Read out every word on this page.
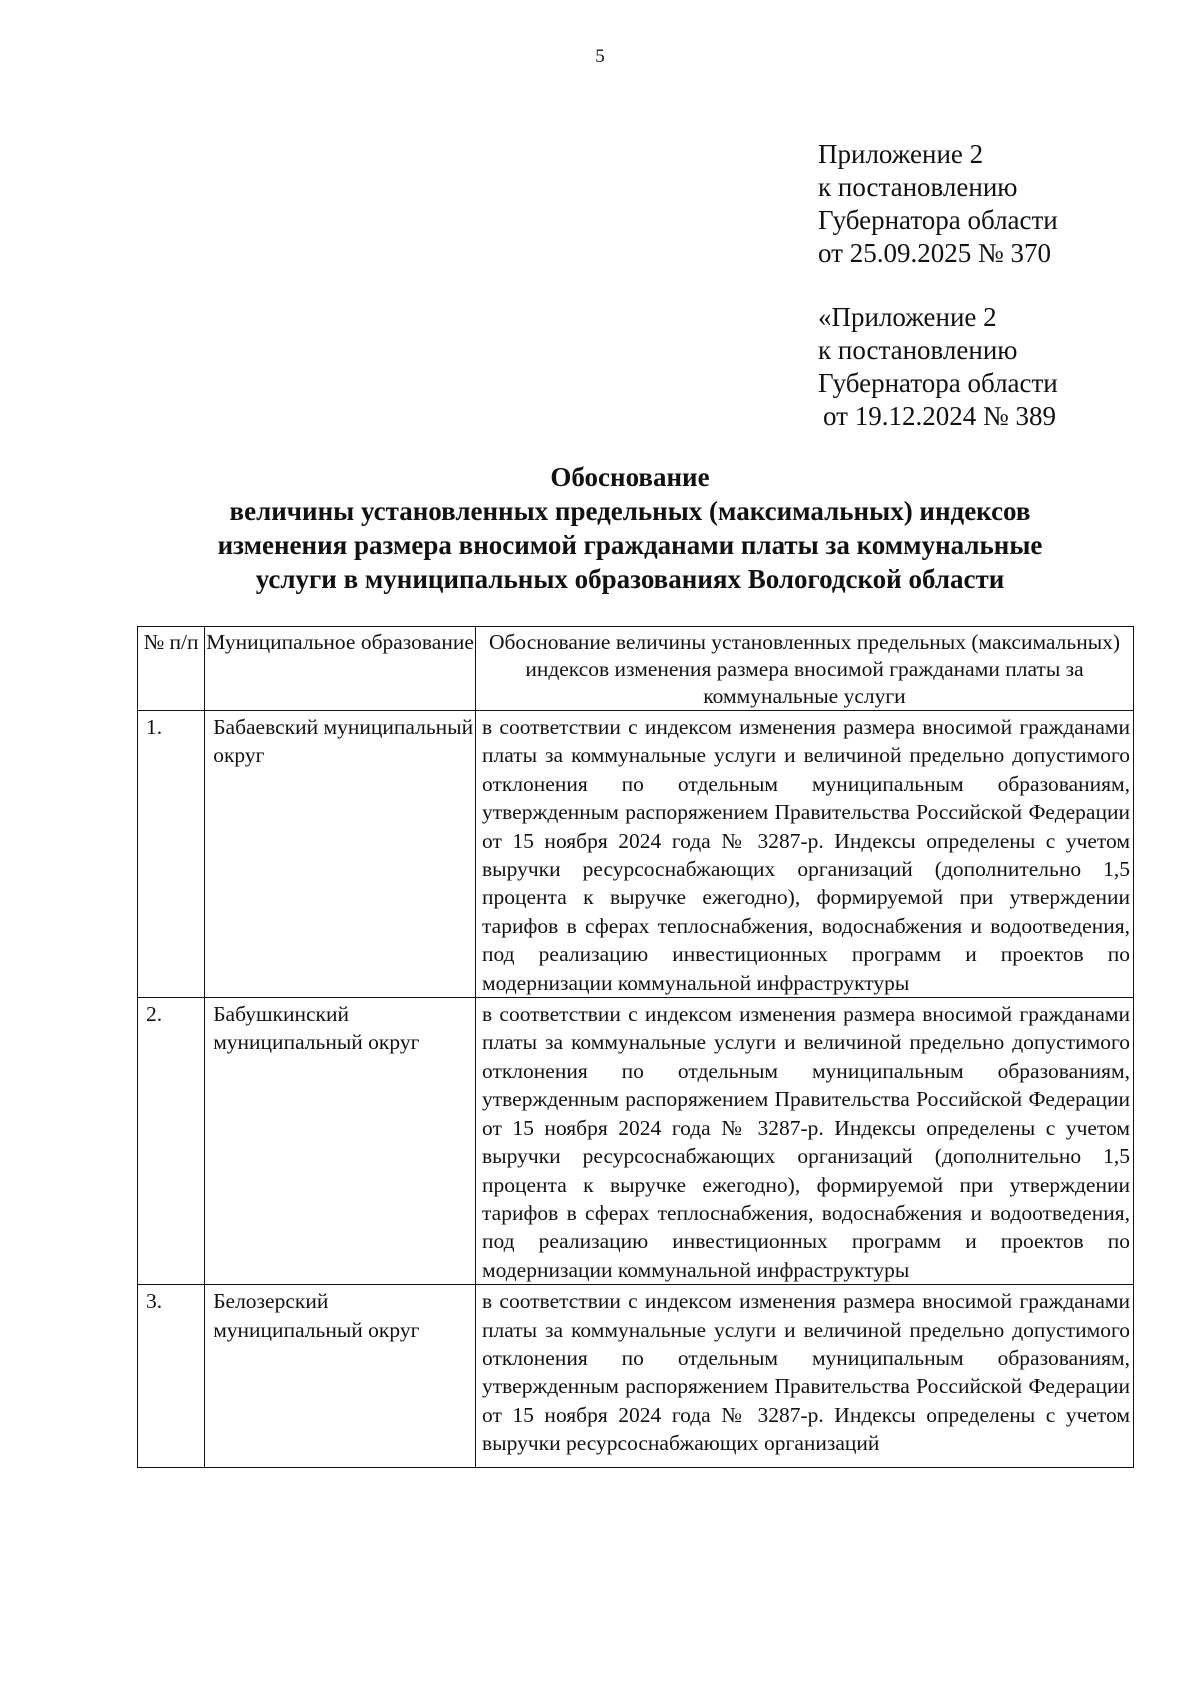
5
Приложение 2
к постановлению
Губернатора области
от 25.09.2025 № 370
«Приложение 2
к постановлению
Губернатора области
от 19.12.2024 № 389
Обоснование
величины установленных предельных (максимальных) индексов
изменения размера вносимой гражданами платы за коммунальные
услуги в муниципальных образованиях Вологодской области
№ п/п	Муниципальное образование	Обоснование величины установленных предельных (максимальных) индексов изменения размера вносимой гражданами платы за коммунальные услуги
1.	Бабаевский муниципальный округ	в соответствии с индексом изменения размера вносимой гражданами платы за коммунальные услуги и величиной предельно допустимого отклонения по отдельным муниципальным образованиям, утвержденным распоряжением Правительства Российской Федерации от 15 ноября 2024 года № 3287-р. Индексы определены с учетом выручки ресурсоснабжающих организаций (дополнительно 1,5 процента к выручке ежегодно), формируемой при утверждении тарифов в сферах теплоснабжения, водоснабжения и водоотведения, под реализацию инвестиционных программ и проектов по модернизации коммунальной инфраструктуры
2.	Бабушкинский муниципальный округ	в соответствии с индексом изменения размера вносимой гражданами платы за коммунальные услуги и величиной предельно допустимого отклонения по отдельным муниципальным образованиям, утвержденным распоряжением Правительства Российской Федерации от 15 ноября 2024 года № 3287-р. Индексы определены с учетом выручки ресурсоснабжающих организаций (дополнительно 1,5 процента к выручке ежегодно), формируемой при утверждении тарифов в сферах теплоснабжения, водоснабжения и водоотведения, под реализацию инвестиционных программ и проектов по модернизации коммунальной инфраструктуры
3.	Белозерский муниципальный округ	в соответствии с индексом изменения размера вносимой гражданами платы за коммунальные услуги и величиной предельно допустимого отклонения по отдельным муниципальным образованиям, утвержденным распоряжением Правительства Российской Федерации от 15 ноября 2024 года № 3287-р. Индексы определены с учетом выручки ресурсоснабжающих организаций
